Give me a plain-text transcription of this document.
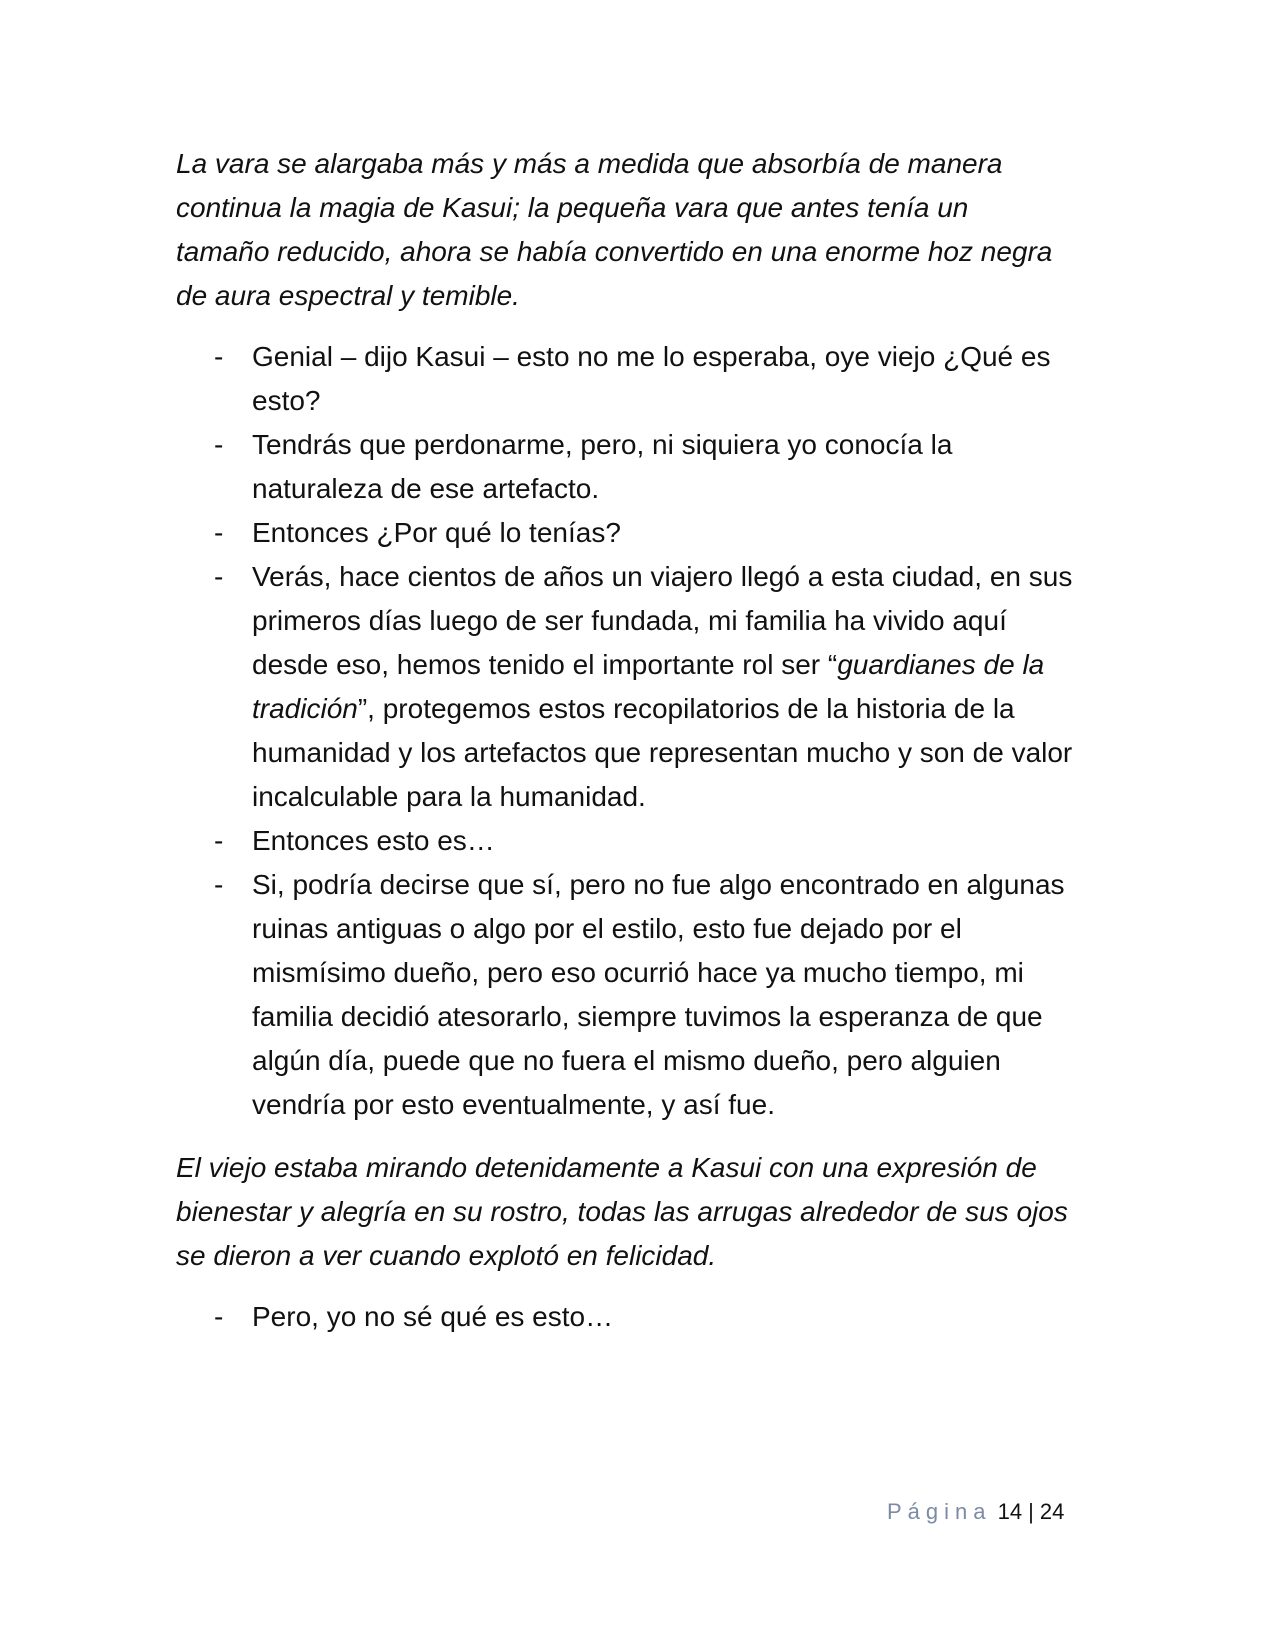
La vara se alargaba más y más a medida que absorbía de manera continua la magia de Kasui; la pequeña vara que antes tenía un tamaño reducido, ahora se había convertido en una enorme hoz negra de aura espectral y temible.

- Genial – dijo Kasui – esto no me lo esperaba, oye viejo ¿Qué es esto?
- Tendrás que perdonarme, pero, ni siquiera yo conocía la naturaleza de ese artefacto.
- Entonces ¿Por qué lo tenías?
- Verás, hace cientos de años un viajero llegó a esta ciudad, en sus primeros días luego de ser fundada, mi familia ha vivido aquí desde eso, hemos tenido el importante rol ser “guardianes de la tradición”, protegemos estos recopilatorios de la historia de la humanidad y los artefactos que representan mucho y son de valor incalculable para la humanidad.
- Entonces esto es…
- Si, podría decirse que sí, pero no fue algo encontrado en algunas ruinas antiguas o algo por el estilo, esto fue dejado por el mismísimo dueño, pero eso ocurrió hace ya mucho tiempo, mi familia decidió atesorarlo, siempre tuvimos la esperanza de que algún día, puede que no fuera el mismo dueño, pero alguien vendría por esto eventualmente, y así fue.

El viejo estaba mirando detenidamente a Kasui con una expresión de bienestar y alegría en su rostro, todas las arrugas alrededor de sus ojos se dieron a ver cuando explotó en felicidad.

- Pero, yo no sé qué es esto…
Página 14 | 24
